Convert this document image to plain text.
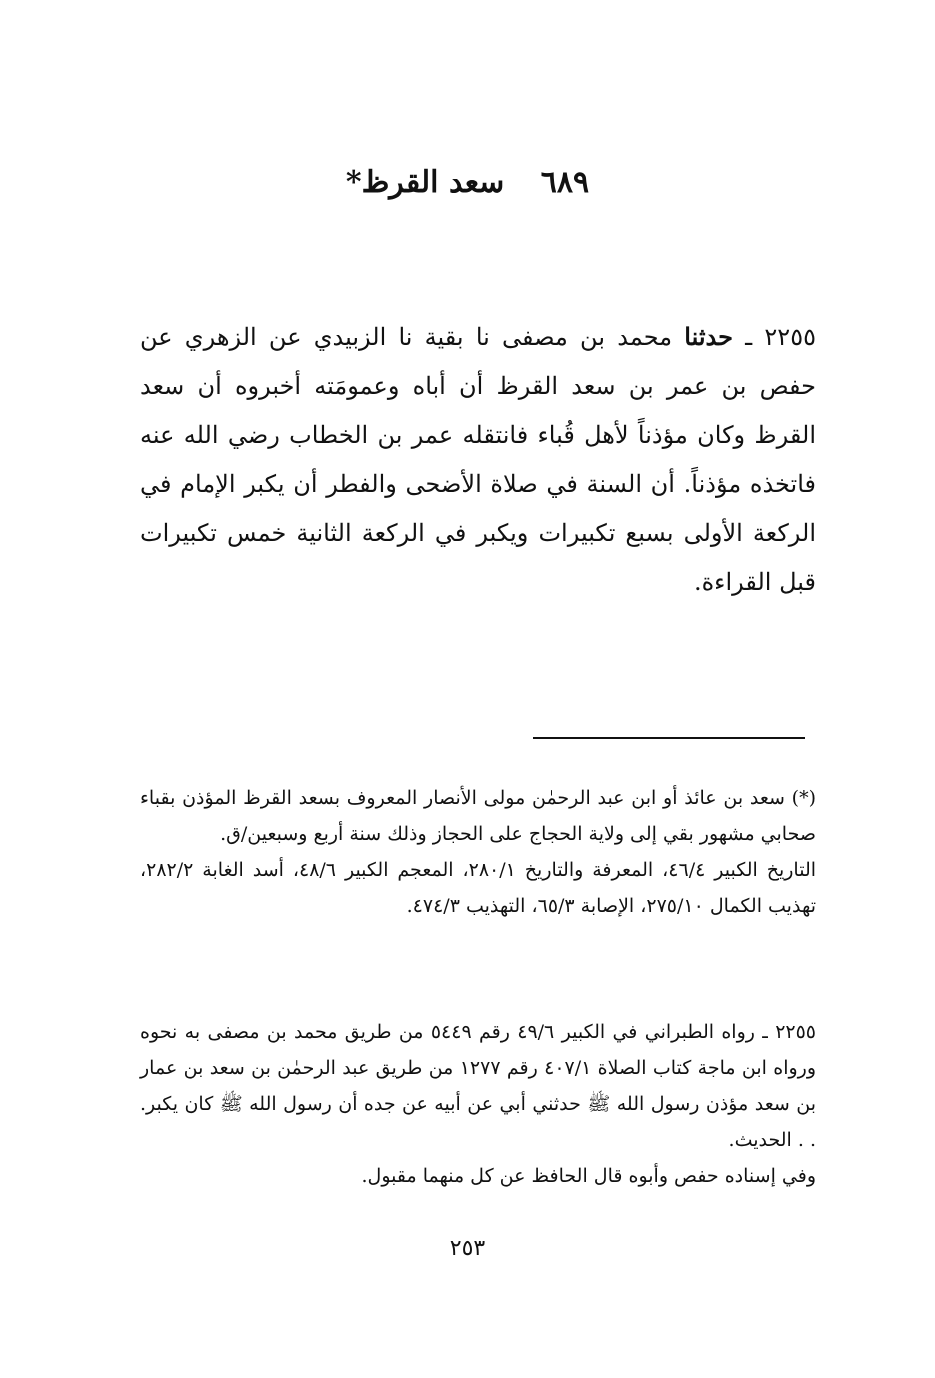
٦٨٩ سعد القرظ*
٢٢٥٥ ـ حدثنا محمد بن مصفى نا بقية نا الزبيدي عن الزهري عن حفص بن عمر بن سعد القرظ أن أباه وعمومَته أخبروه أن سعد القرظ وكان مؤذناً لأهل قُباء فانتقله عمر بن الخطاب رضي الله عنه فاتخذه مؤذناً. أن السنة في صلاة الأضحى والفطر أن يكبر الإمام في الركعة الأولى بسبع تكبيرات ويكبر في الركعة الثانية خمس تكبيرات قبل القراءة.

(*) سعد بن عائذ أو ابن عبد الرحمٰن مولى الأنصار المعروف بسعد القرظ المؤذن بقباء صحابي مشهور بقي إلى ولاية الحجاج على الحجاز وذلك سنة أربع وسبعين/ق.

التاريخ الكبير ٤٦/٤، المعرفة والتاريخ ٢٨٠/١، المعجم الكبير ٤٨/٦، أسد الغابة ٢٨٢/٢، تهذيب الكمال ٢٧٥/١٠، الإصابة ٦٥/٣، التهذيب ٤٧٤/٣.

٢٢٥٥ ـ رواه الطبراني في الكبير ٤٩/٦ رقم ٥٤٤٩ من طريق محمد بن مصفى به نحوه ورواه ابن ماجة كتاب الصلاة ٤٠٧/١ رقم ١٢٧٧ من طريق عبد الرحمٰن بن سعد بن عمار بن سعد مؤذن رسول الله ﷺ حدثني أبي عن أبيه عن جده أن رسول الله ﷺ كان يكبر. . . الحديث.

وفي إسناده حفص وأبوه قال الحافظ عن كل منهما مقبول.

٢٥٣
